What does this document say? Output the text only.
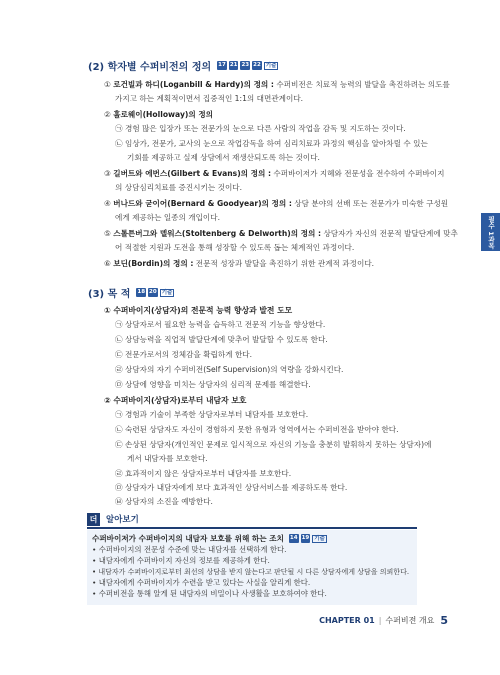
(2) 학자별 수퍼비전의 정의 17 21 23 22 기출
① 로건빌과 하디(Loganbill & Hardy)의 정의 : 수퍼비전은 치료적 능력의 발달을 촉진하려는 의도를
가지고 하는 계획적이면서 집중적인 1:1의 대면관계이다.
② 홀로웨이(Holloway)의 정의
㉠ 경험 많은 입장가 또는 전문가의 눈으로 다른 사람의 작업을 감독 및 지도하는 것이다.
㉡ 임상가, 전문가, 교사의 눈으로 작업감독을 하여 심리치료과 과정의 핵심을 알아차릴 수 있는
기회를 제공하고 실제 상담에서 재생산되도록 하는 것이다.
③ 길버트와 에번스(Gilbert & Evans)의 정의 : 수퍼바이저가 지혜와 전문성을 전수하여 수퍼바이지
의 상담심리치료를 증진시키는 것이다.
④ 버나드와 굳이어(Bernard & Goodyear)의 정의 : 상담 분야의 선배 또는 전문가가 미숙한 구성원
에게 제공하는 일종의 개입이다.
⑤ 스톨튼버그와 델워스(Stoltenberg & Delworth)의 정의 : 상담자가 자신의 전문적 발달단계에 맞추
어 적절한 지원과 도전을 통해 성장할 수 있도록 돕는 체계적인 과정이다.
⑥ 보딘(Bordin)의 정의 : 전문적 성장과 발달을 촉진하기 위한 관계적 과정이다.
필수 1과목
(3) 목 적 18 20 기출
① 수퍼바이지(상담자)의 전문적 능력 향상과 발전 도모
㉠ 상담자로서 필요한 능력을 습득하고 전문적 기능을 향상한다.
㉡ 상담능력을 직업적 발달단계에 맞추어 발달할 수 있도록 한다.
㉢ 전문가로서의 정체감을 확립하게 한다.
㉣ 상담자의 자기 수퍼비전(Self Supervision)의 역량을 강화시킨다.
㉤ 상담에 영향을 미치는 상담자의 심리적 문제를 해결한다.
② 수퍼바이지(상담자)로부터 내담자 보호
㉠ 경험과 기술이 부족한 상담자로부터 내담자를 보호한다.
㉡ 숙련된 상담자도 자신이 경험하지 못한 유형과 영역에서는 수퍼비전을 받아야 한다.
㉢ 손상된 상담자(개인적인 문제로 일시적으로 자신의 기능을 충분히 발휘하지 못하는 상담자)에
게서 내담자를 보호한다.
㉣ 효과적이지 않은 상담자로부터 내담자를 보호한다.
㉤ 상담자가 내담자에게 보다 효과적인 상담서비스를 제공하도록 한다.
㉥ 상담자의 소진을 예방한다.
더	알아보기
수퍼바이저가 수퍼바이지의 내담자 보호를 위해 하는 조치 14 19 기출
• 수퍼바이지의 전문성 수준에 맞는 내담자를 선택하게 한다.
• 내담자에게 수퍼바이지 자신의 정보를 제공하게 한다.
• 내담자가 수퍼바이지로부터 최선의 상담을 받지 않는다고 판단될 시 다른 상담자에게 상담을 의뢰한다.
• 내담자에게 수퍼바이지가 수련을 받고 있다는 사실을 알리게 한다.
• 수퍼비전을 통해 알게 된 내담자의 비밀이나 사생활을 보호하여야 한다.
CHAPTER 01 | 수퍼비전 개요 5
